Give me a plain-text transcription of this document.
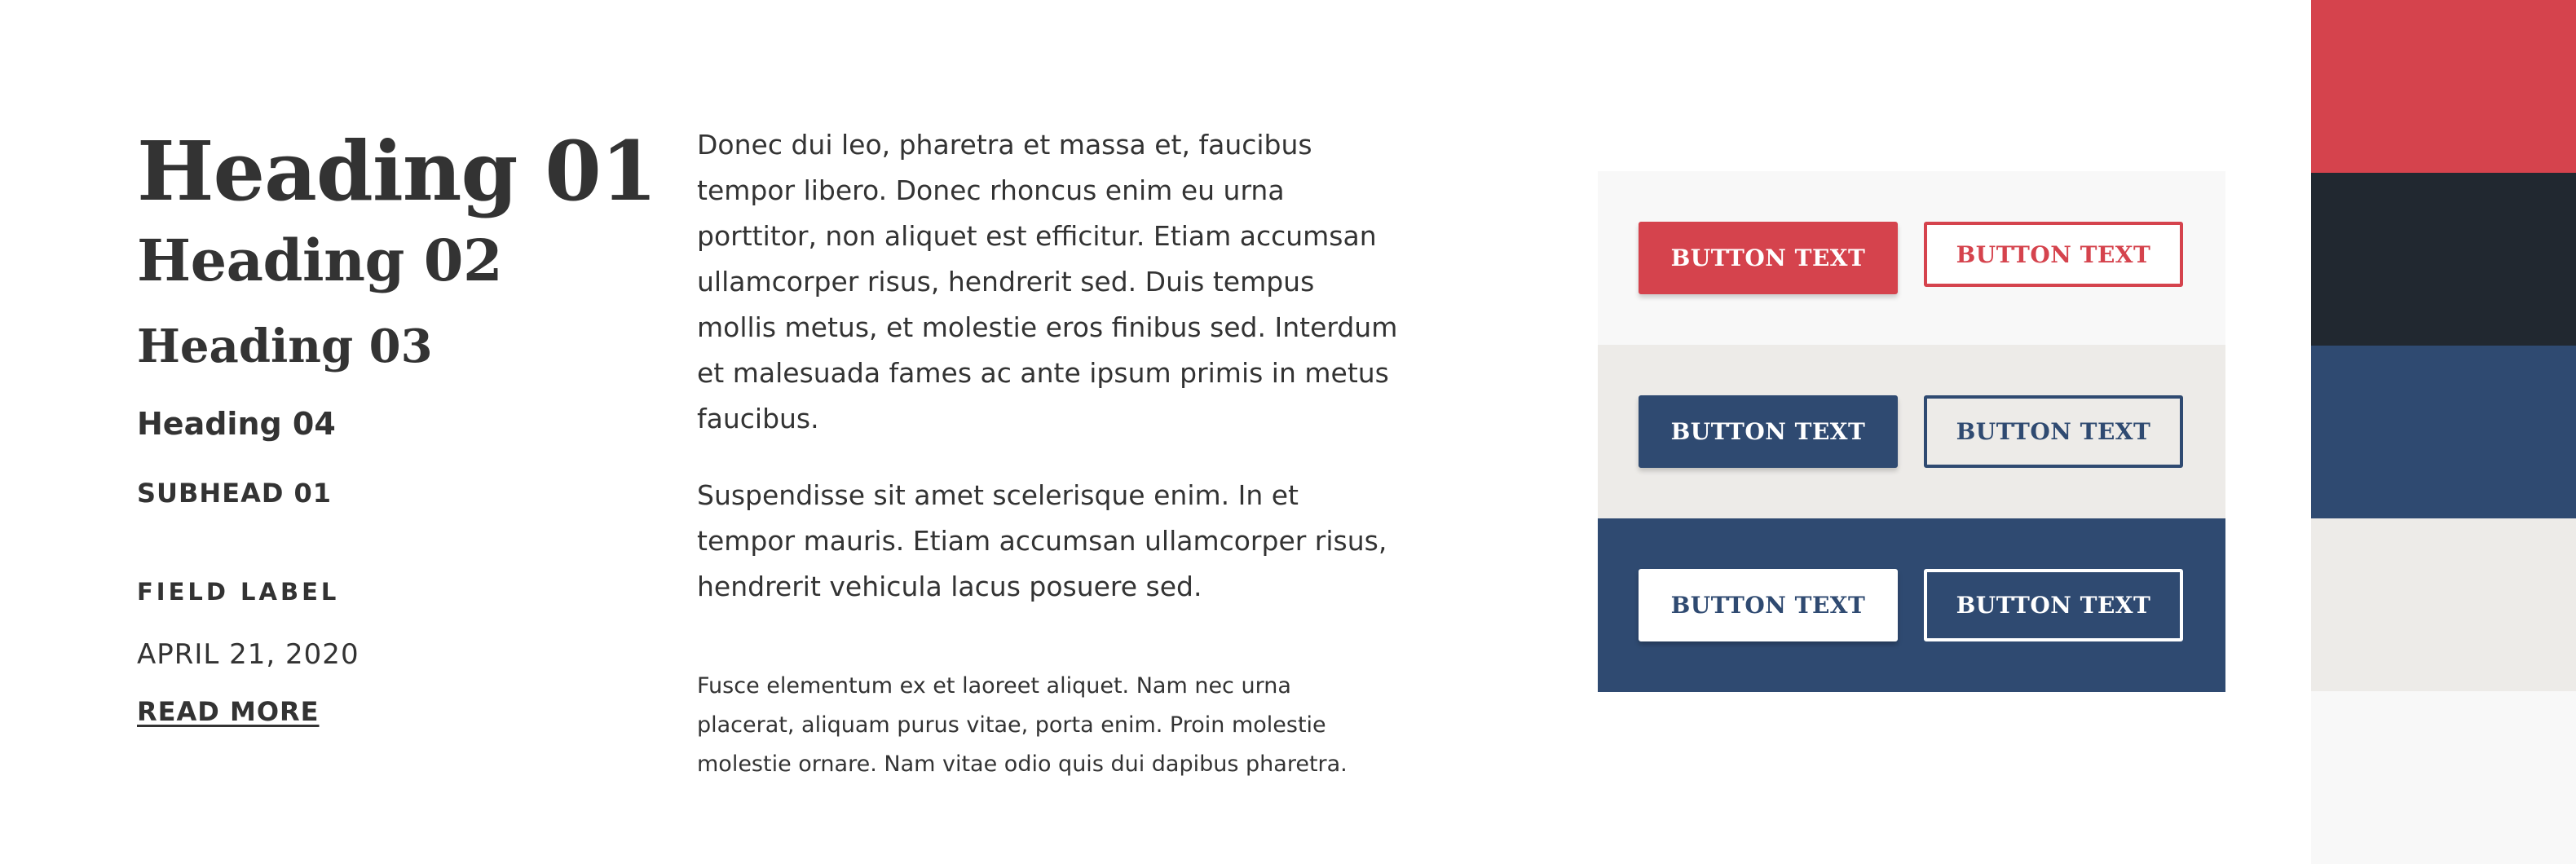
Heading 01
Heading 02
Heading 03
Heading 04
SUBHEAD 01
FIELD LABEL
APRIL 21, 2020
READ MORE

Donec dui leo, pharetra et massa et, faucibus tempor libero. Donec rhoncus enim eu urna porttitor, non aliquet est efficitur. Etiam accumsan ullamcorper risus, hendrerit sed. Duis tempus mollis metus, et molestie eros finibus sed. Interdum et malesuada fames ac ante ipsum primis in metus faucibus.

Suspendisse sit amet scelerisque enim. In et tempor mauris. Etiam accumsan ullamcorper risus, hendrerit vehicula lacus posuere sed.

Fusce elementum ex et laoreet aliquet. Nam nec urna placerat, aliquam purus vitae, porta enim. Proin molestie molestie ornare. Nam vitae odio quis dui dapibus pharetra.

BUTTON TEXT	BUTTON TEXT
BUTTON TEXT	BUTTON TEXT
BUTTON TEXT	BUTTON TEXT
